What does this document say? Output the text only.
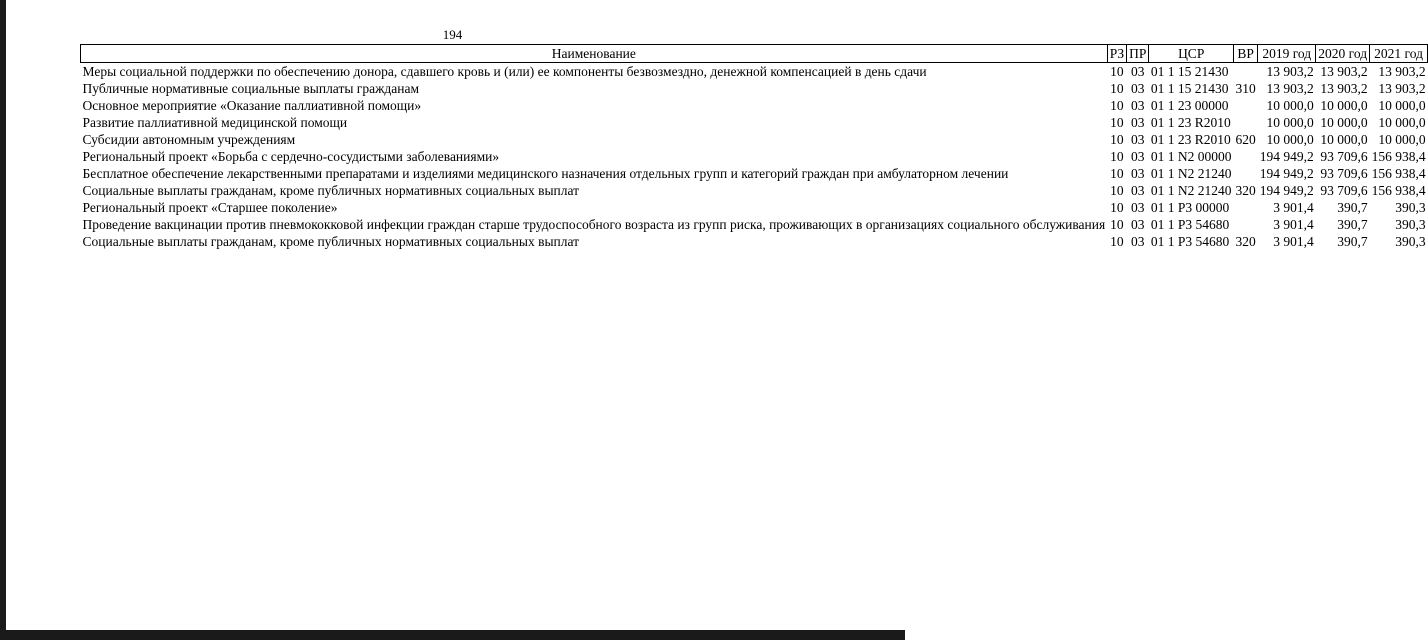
194
Наименование	РЗ	ПР	ЦСР	ВР	2019 год	2020 год	2021 год
Меры социальной поддержки по обеспечению донора, сдавшего кровь и (или) ее компоненты безвозмездно, денежной компенсацией в день сдачи	10	03	01 1 15 21430		13 903,2	13 903,2	13 903,2
Публичные нормативные социальные выплаты гражданам	10	03	01 1 15 21430	310	13 903,2	13 903,2	13 903,2
Основное мероприятие «Оказание паллиативной помощи»	10	03	01 1 23 00000		10 000,0	10 000,0	10 000,0
Развитие паллиативной медицинской помощи	10	03	01 1 23 R2010		10 000,0	10 000,0	10 000,0
Субсидии автономным учреждениям	10	03	01 1 23 R2010	620	10 000,0	10 000,0	10 000,0
Региональный проект «Борьба с сердечно-сосудистыми заболеваниями»	10	03	01 1 N2 00000		194 949,2	93 709,6	156 938,4
Бесплатное обеспечение лекарственными препаратами и изделиями медицинского назначения отдельных групп и категорий граждан при амбулаторном лечении	10	03	01 1 N2 21240		194 949,2	93 709,6	156 938,4
Социальные выплаты гражданам, кроме публичных нормативных социальных выплат	10	03	01 1 N2 21240	320	194 949,2	93 709,6	156 938,4
Региональный проект «Старшее поколение»	10	03	01 1 P3 00000		3 901,4	390,7	390,3
Проведение вакцинации против пневмококковой инфекции граждан старше трудоспособного возраста из групп риска, проживающих в организациях социального обслуживания	10	03	01 1 P3 54680		3 901,4	390,7	390,3
Социальные выплаты гражданам, кроме публичных нормативных социальных выплат	10	03	01 1 P3 54680	320	3 901,4	390,7	390,3
